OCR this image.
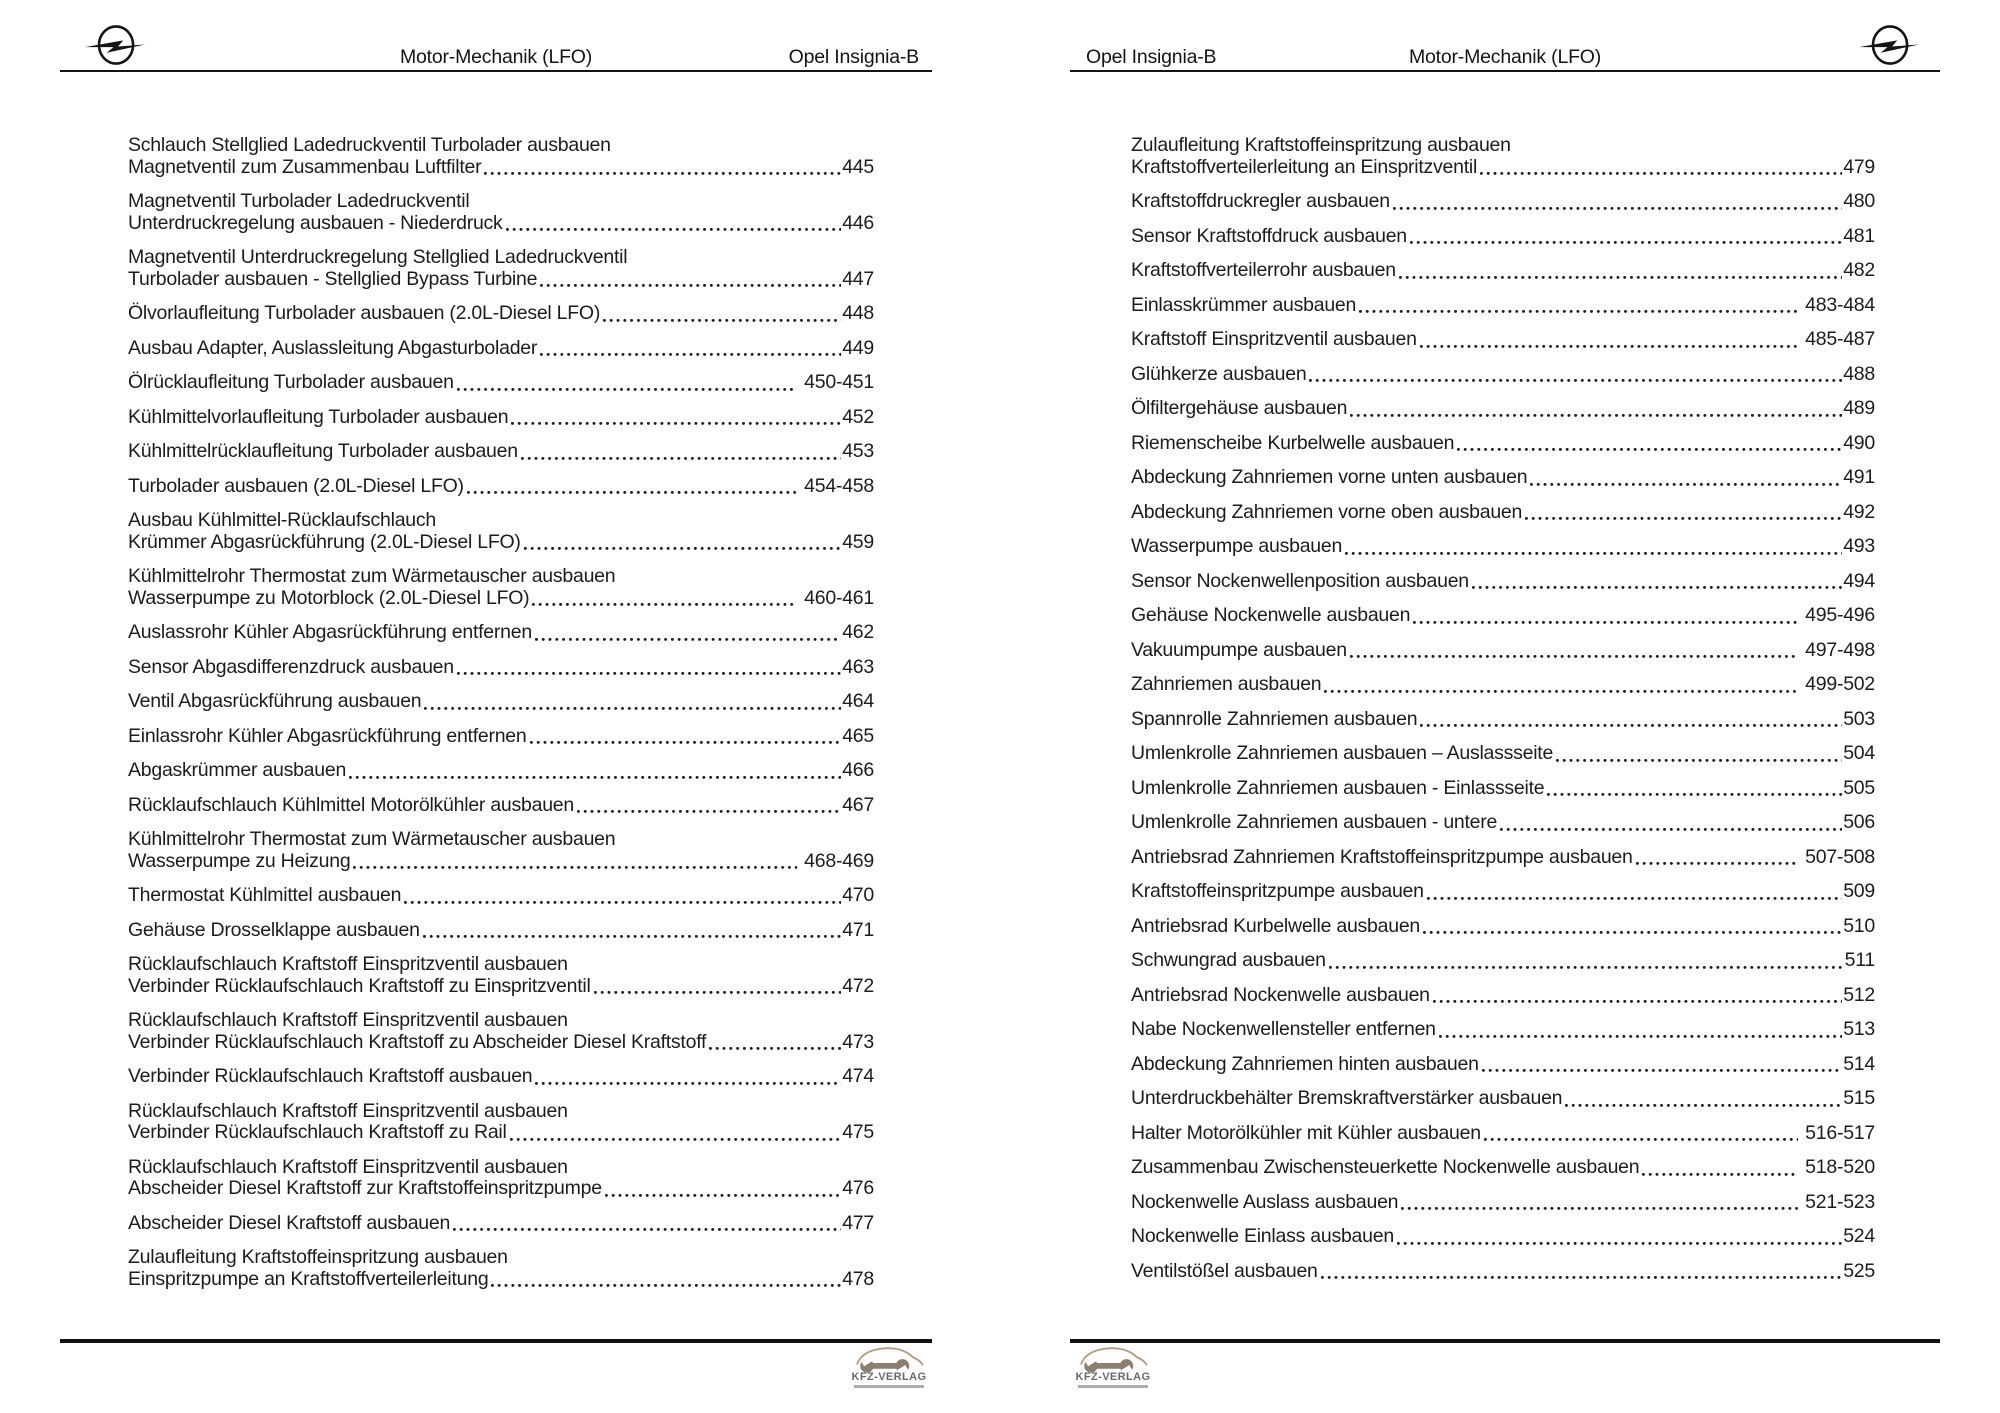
Motor-Mechanik (LFO)	Opel Insignia-B
Schlauch Stellglied Ladedruckventil Turbolader ausbauen
Magnetventil zum Zusammenbau Luftfilter	445
Magnetventil Turbolader Ladedruckventil
Unterdruckregelung ausbauen - Niederdruck	446
Magnetventil Unterdruckregelung Stellglied Ladedruckventil
Turbolader ausbauen - Stellglied Bypass Turbine	447
Ölvorlaufleitung Turbolader ausbauen (2.0L-Diesel LFO)	448
Ausbau Adapter, Auslassleitung Abgasturbolader	449
Ölrücklaufleitung Turbolader ausbauen	450-451
Kühlmittelvorlaufleitung Turbolader ausbauen	452
Kühlmittelrücklaufleitung Turbolader ausbauen	453
Turbolader ausbauen (2.0L-Diesel LFO)	454-458
Ausbau Kühlmittel-Rücklaufschlauch
Krümmer Abgasrückführung (2.0L-Diesel LFO)	459
Kühlmittelrohr Thermostat zum Wärmetauscher ausbauen
Wasserpumpe zu Motorblock (2.0L-Diesel LFO)	460-461
Auslassrohr Kühler Abgasrückführung entfernen	462
Sensor Abgasdifferenzdruck ausbauen	463
Ventil Abgasrückführung ausbauen	464
Einlassrohr Kühler Abgasrückführung entfernen	465
Abgaskrümmer ausbauen	466
Rücklaufschlauch Kühlmittel Motorölkühler ausbauen	467
Kühlmittelrohr Thermostat zum Wärmetauscher ausbauen
Wasserpumpe zu Heizung	468-469
Thermostat Kühlmittel ausbauen	470
Gehäuse Drosselklappe ausbauen	471
Rücklaufschlauch Kraftstoff Einspritzventil ausbauen
Verbinder Rücklaufschlauch Kraftstoff zu Einspritzventil	472
Rücklaufschlauch Kraftstoff Einspritzventil ausbauen
Verbinder Rücklaufschlauch Kraftstoff zu Abscheider Diesel Kraftstoff	473
Verbinder Rücklaufschlauch Kraftstoff ausbauen	474
Rücklaufschlauch Kraftstoff Einspritzventil ausbauen
Verbinder Rücklaufschlauch Kraftstoff zu Rail	475
Rücklaufschlauch Kraftstoff Einspritzventil ausbauen
Abscheider Diesel Kraftstoff zur Kraftstoffeinspritzpumpe	476
Abscheider Diesel Kraftstoff ausbauen	477
Zulaufleitung Kraftstoffeinspritzung ausbauen
Einspritzpumpe an Kraftstoffverteilerleitung	478
Opel Insignia-B	Motor-Mechanik (LFO)
Zulaufleitung Kraftstoffeinspritzung ausbauen
Kraftstoffverteilerleitung an Einspritzventil	479
Kraftstoffdruckregler ausbauen	480
Sensor Kraftstoffdruck ausbauen	481
Kraftstoffverteilerrohr ausbauen	482
Einlasskrümmer ausbauen	483-484
Kraftstoff Einspritzventil ausbauen	485-487
Glühkerze ausbauen	488
Ölfiltergehäuse ausbauen	489
Riemenscheibe Kurbelwelle ausbauen	490
Abdeckung Zahnriemen vorne unten ausbauen	491
Abdeckung Zahnriemen vorne oben ausbauen	492
Wasserpumpe ausbauen	493
Sensor Nockenwellenposition ausbauen	494
Gehäuse Nockenwelle ausbauen	495-496
Vakuumpumpe ausbauen	497-498
Zahnriemen ausbauen	499-502
Spannrolle Zahnriemen ausbauen	503
Umlenkrolle Zahnriemen ausbauen – Auslassseite	504
Umlenkrolle Zahnriemen ausbauen - Einlassseite	505
Umlenkrolle Zahnriemen ausbauen - untere	506
Antriebsrad Zahnriemen Kraftstoffeinspritzpumpe ausbauen	507-508
Kraftstoffeinspritzpumpe ausbauen	509
Antriebsrad Kurbelwelle ausbauen	510
Schwungrad ausbauen	511
Antriebsrad Nockenwelle ausbauen	512
Nabe Nockenwellensteller entfernen	513
Abdeckung Zahnriemen hinten ausbauen	514
Unterdruckbehälter Bremskraftverstärker ausbauen	515
Halter Motorölkühler mit Kühler ausbauen	516-517
Zusammenbau Zwischensteuerkette Nockenwelle ausbauen	518-520
Nockenwelle Auslass ausbauen	521-523
Nockenwelle Einlass ausbauen	524
Ventilstößel ausbauen	525
KFZ-VERLAG	KFZ-VERLAG
